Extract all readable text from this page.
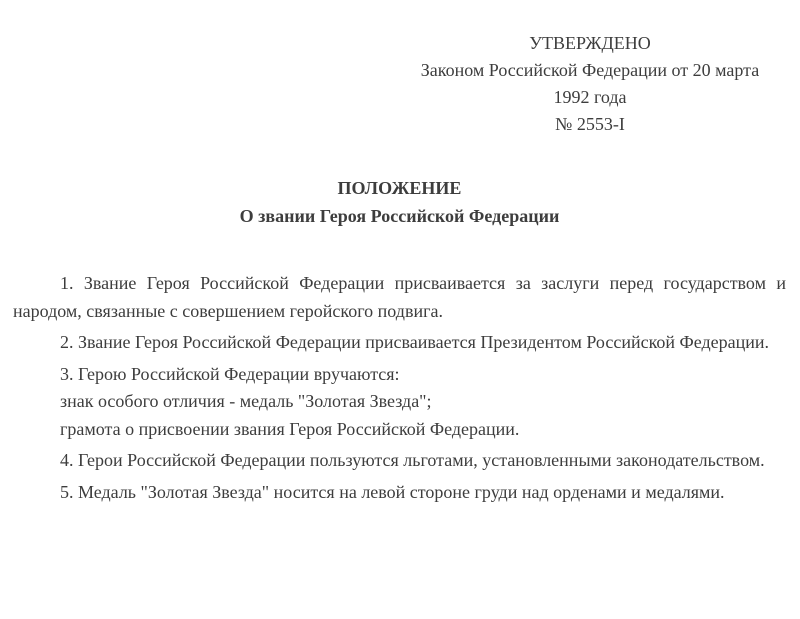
УТВЕРЖДЕНО
Законом Российской Федерации от 20 марта
1992 года
№ 2553-I
ПОЛОЖЕНИЕ
О звании Героя Российской Федерации

1. Звание Героя Российской Федерации присваивается за заслуги перед государством и народом, связанные с совершением геройского подвига.

2. Звание Героя Российской Федерации присваивается Президентом Российской Федерации.

3. Герою Российской Федерации вручаются:

знак особого отличия - медаль "Золотая Звезда";

грамота о присвоении звания Героя Российской Федерации.

4. Герои Российской Федерации пользуются льготами, установленными законодательством.

5. Медаль "Золотая Звезда" носится на левой стороне груди над орденами и медалями.
